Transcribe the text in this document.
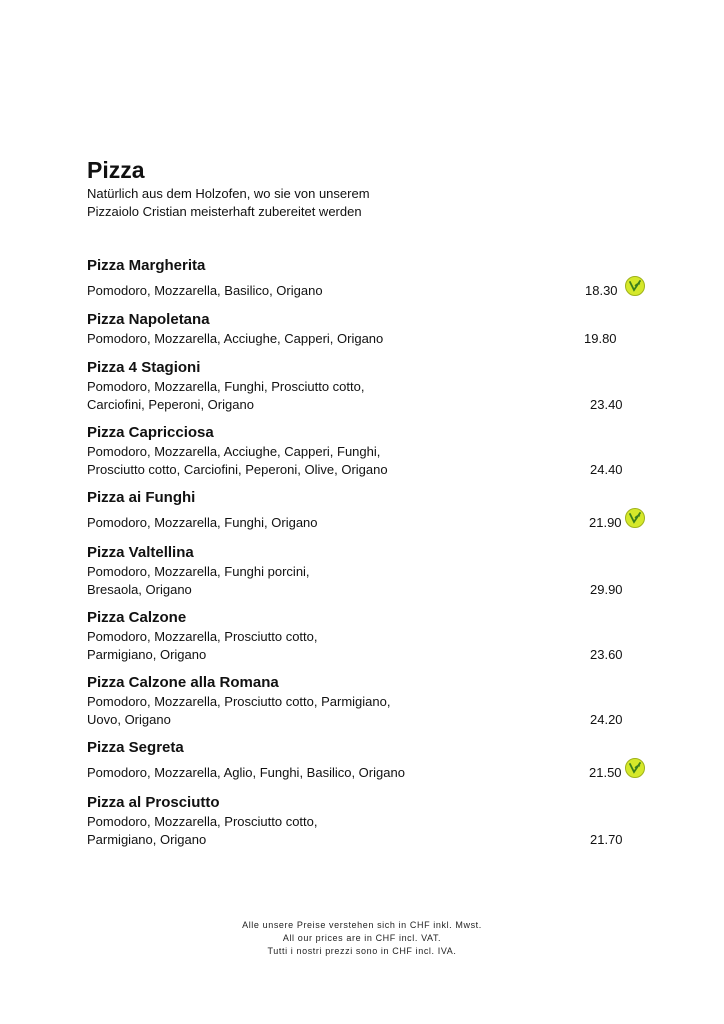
Pizza
Natürlich aus dem Holzofen, wo sie von unserem
Pizzaiolo Cristian meisterhaft zubereitet werden
Pizza Margherita
Pomodoro, Mozzarella, Basilico, Origano	18.30
Pizza Napoletana
Pomodoro, Mozzarella, Acciughe, Capperi, Origano	19.80
Pizza 4 Stagioni
Pomodoro, Mozzarella, Funghi, Prosciutto cotto,
Carciofini, Peperoni, Origano	23.40
Pizza Capricciosa
Pomodoro, Mozzarella, Acciughe, Capperi, Funghi,
Prosciutto cotto, Carciofini, Peperoni, Olive, Origano	24.40
Pizza ai Funghi
Pomodoro, Mozzarella, Funghi, Origano	21.90
Pizza Valtellina
Pomodoro, Mozzarella, Funghi porcini,
Bresaola, Origano	29.90
Pizza Calzone
Pomodoro, Mozzarella, Prosciutto cotto,
Parmigiano, Origano	23.60
Pizza Calzone alla Romana
Pomodoro, Mozzarella, Prosciutto cotto, Parmigiano,
Uovo, Origano	24.20
Pizza Segreta
Pomodoro, Mozzarella, Aglio, Funghi, Basilico, Origano	21.50
Pizza al Prosciutto
Pomodoro, Mozzarella, Prosciutto cotto,
Parmigiano, Origano	21.70
Alle unsere Preise verstehen sich in CHF inkl. Mwst.
All our prices are in CHF incl. VAT.
Tutti i nostri prezzi sono in CHF incl. IVA.
